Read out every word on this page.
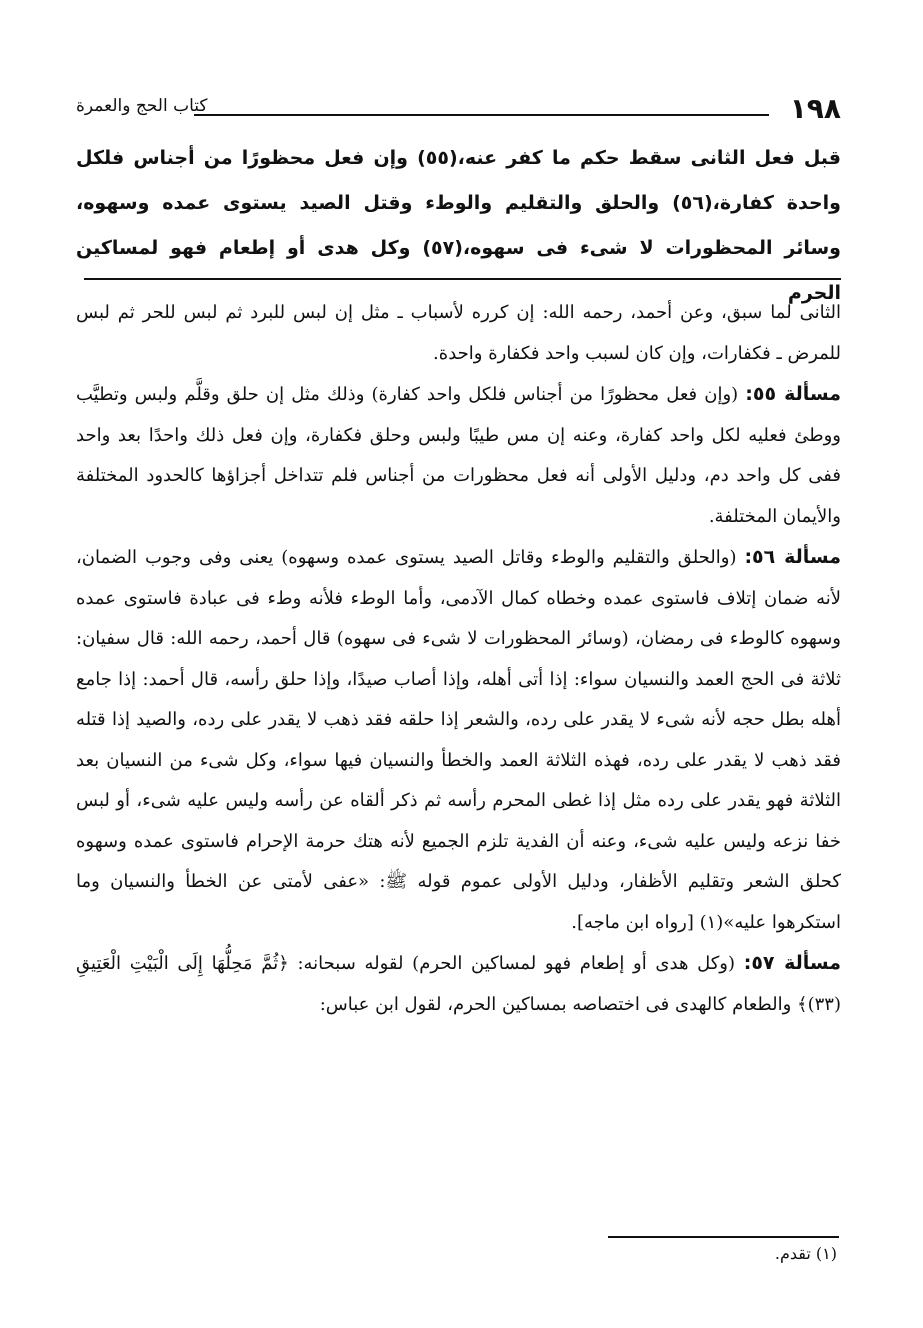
١٩٨
كتاب الحج والعمرة
قبل فعل الثانى سقط حكم ما كفر عنه،(٥٥) وإن فعل محظورًا من أجناس فلكل واحدة كفارة،(٥٦) والحلق والتقليم والوطء وقتل الصيد يستوى عمده وسهوه، وسائر المحظورات لا شىء فى سهوه،(٥٧) وكل هدى أو إطعام فهو لمساكين الحرم

الثانى لما سبق، وعن أحمد، رحمه الله: إن كرره لأسباب ـ مثل إن لبس للبرد ثم لبس للحر ثم لبس للمرض ـ فكفارات، وإن كان لسبب واحد فكفارة واحدة.

مسألة ٥٥: (وإن فعل محظورًا من أجناس فلكل واحد كفارة) وذلك مثل إن حلق وقلَّم ولبس وتطيَّب ووطئ فعليه لكل واحد كفارة، وعنه إن مس طيبًا ولبس وحلق فكفارة، وإن فعل ذلك واحدًا بعد واحد ففى كل واحد دم، ودليل الأولى أنه فعل محظورات من أجناس فلم تتداخل أجزاؤها كالحدود المختلفة والأيمان المختلفة.

مسألة ٥٦: (والحلق والتقليم والوطء وقاتل الصيد يستوى عمده وسهوه) يعنى وفى وجوب الضمان، لأنه ضمان إتلاف فاستوى عمده وخطاه كمال الآدمى، وأما الوطء فلأنه وطء فى عبادة فاستوى عمده وسهوه كالوطء فى رمضان، (وسائر المحظورات لا شىء فى سهوه) قال أحمد، رحمه الله: قال سفيان: ثلاثة فى الحج العمد والنسيان سواء: إذا أتى أهله، وإذا أصاب صيدًا، وإذا حلق رأسه، قال أحمد: إذا جامع أهله بطل حجه لأنه شىء لا يقدر على رده، والشعر إذا حلقه فقد ذهب لا يقدر على رده، والصيد إذا قتله فقد ذهب لا يقدر على رده، فهذه الثلاثة العمد والخطأ والنسيان فيها سواء، وكل شىء من النسيان بعد الثلاثة فهو يقدر على رده مثل إذا غطى المحرم رأسه ثم ذكر ألقاه عن رأسه وليس عليه شىء، أو لبس خفا نزعه وليس عليه شىء، وعنه أن الفدية تلزم الجميع لأنه هتك حرمة الإحرام فاستوى عمده وسهوه كحلق الشعر وتقليم الأظفار، ودليل الأولى عموم قوله ﷺ: «عفى لأمتى عن الخطأ والنسيان وما استكرهوا عليه»(١) [رواه ابن ماجه].

مسألة ٥٧: (وكل هدى أو إطعام فهو لمساكين الحرم) لقوله سبحانه: ﴿ثُمَّ مَحِلُّهَا إِلَى الْبَيْتِ الْعَتِيقِ (٣٣)﴾ والطعام كالهدى فى اختصاصه بمساكين الحرم، لقول ابن عباس:

(١) تقدم.
